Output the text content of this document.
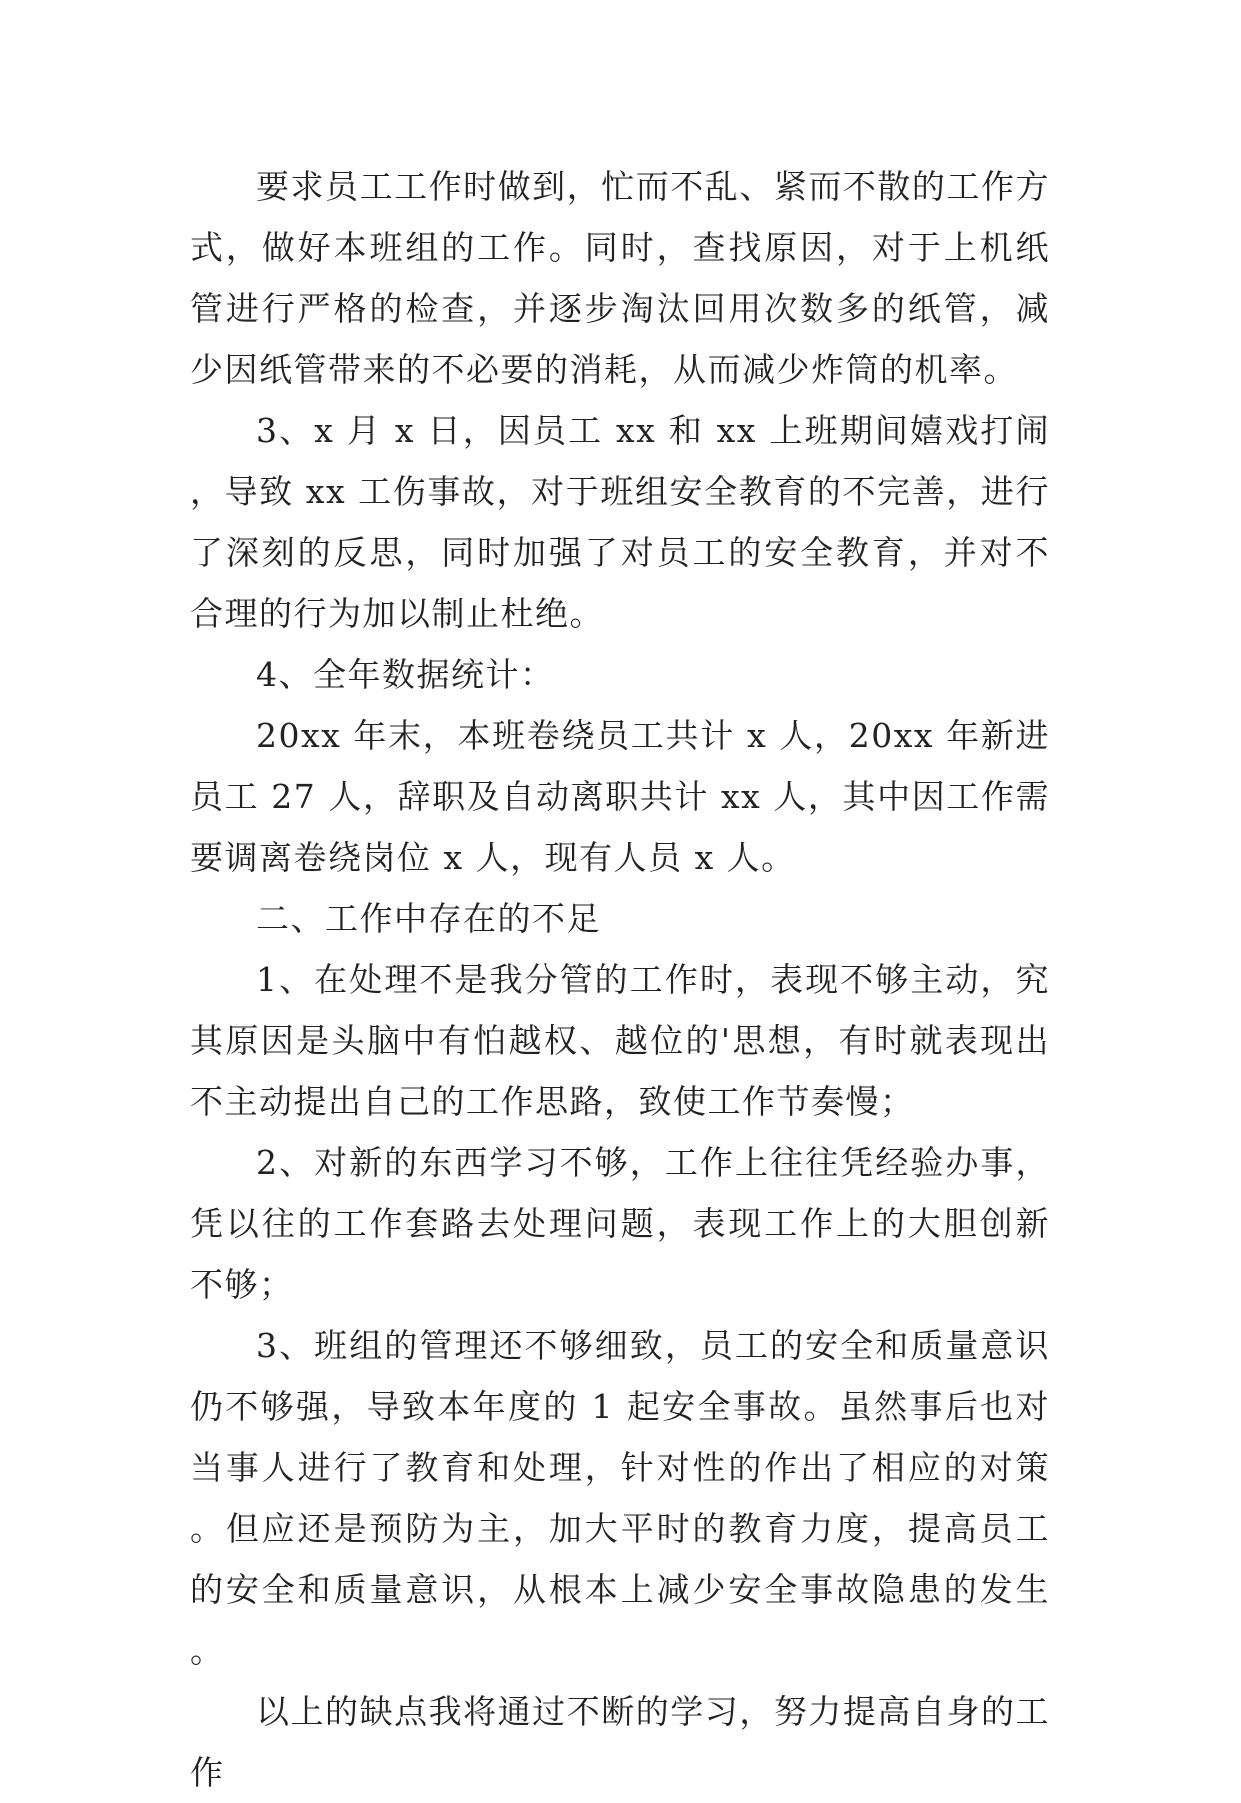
要求员工工作时做到，忙而不乱、紧而不散的工作方式，做好本班组的工作。同时，查找原因，对于上机纸管进行严格的检查，并逐步淘汰回用次数多的纸管，减少因纸管带来的不必要的消耗，从而减少炸筒的机率。

3、x 月 x 日，因员工 xx 和 xx 上班期间嬉戏打闹，导致 xx 工伤事故，对于班组安全教育的不完善，进行了深刻的反思，同时加强了对员工的安全教育，并对不合理的行为加以制止杜绝。

4、全年数据统计：

20xx 年末，本班卷绕员工共计 x 人，20xx 年新进员工 27 人，辞职及自动离职共计 xx 人，其中因工作需要调离卷绕岗位 x 人，现有人员 x 人。

二、工作中存在的不足

1、在处理不是我分管的工作时，表现不够主动，究其原因是头脑中有怕越权、越位的'思想，有时就表现出不主动提出自己的工作思路，致使工作节奏慢；

2、对新的东西学习不够，工作上往往凭经验办事，凭以往的工作套路去处理问题，表现工作上的大胆创新不够；

3、班组的管理还不够细致，员工的安全和质量意识仍不够强，导致本年度的 1 起安全事故。虽然事后也对当事人进行了教育和处理，针对性的作出了相应的对策。但应还是预防为主，加大平时的教育力度，提高员工的安全和质量意识，从根本上减少安全事故隐患的发生。

以上的缺点我将通过不断的学习，努力提高自身的工作
